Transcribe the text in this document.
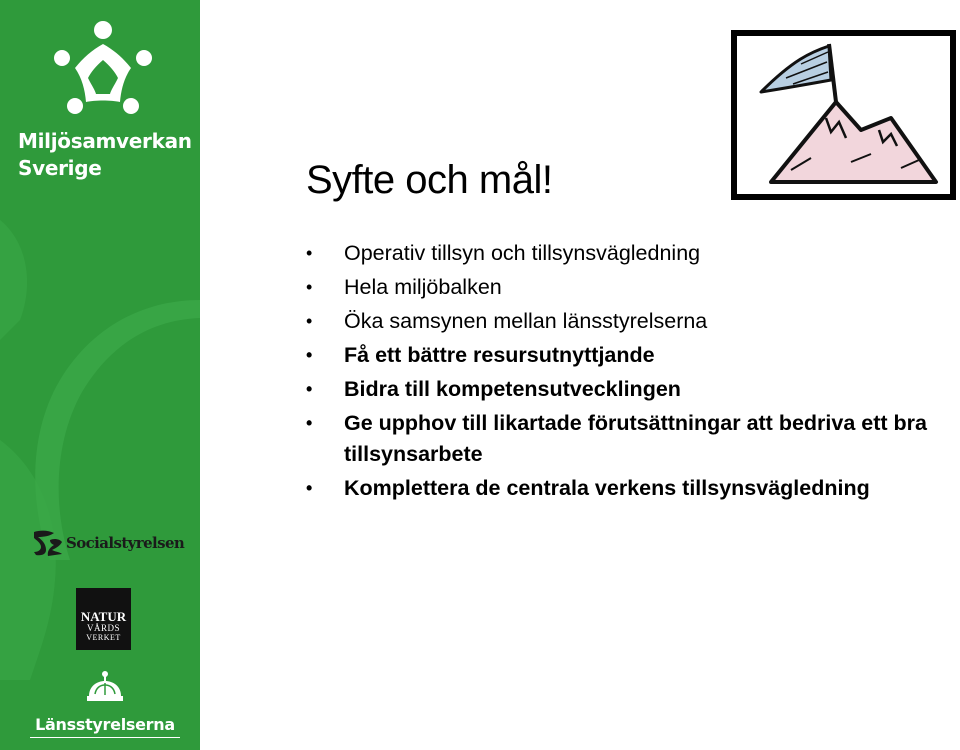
Miljösamverkan
Sverige
Socialstyrelsen
NATUR
VÅRDS
VERKET
Länsstyrelserna
Syfte och mål!
• Operativ tillsyn och tillsynsvägledning
• Hela miljöbalken
• Öka samsynen mellan länsstyrelserna
• Få ett bättre resursutnyttjande
• Bidra till kompetensutvecklingen
• Ge upphov till likartade förutsättningar att bedriva ett bra tillsynsarbete
• Komplettera de centrala verkens tillsynsvägledning
